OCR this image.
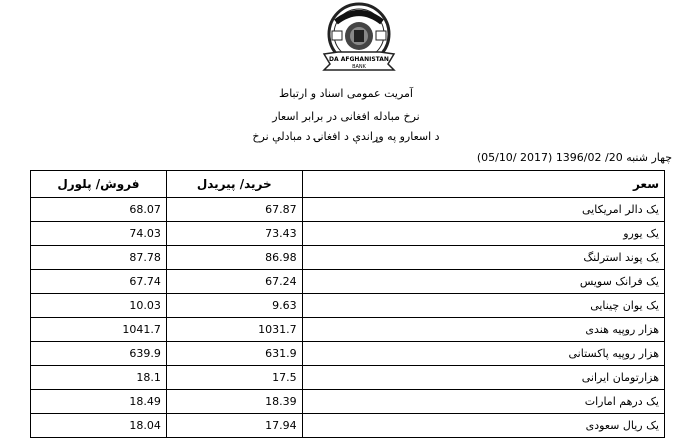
DA AFGHANISTAN
BANK
آمریت عمومی اسناد و ارتباط
نرخ مبادله افغانی در برابر اسعار
د اسعارو په وړاندې د افغانۍ د مبادلې نرخ
چهار شنبه 20/ 1396/02 (2017 /05/10)
فروش/ پلورل	خرید/ پیریدل	سعر
68.07	67.87	یک دالر امریکایی
74.03	73.43	یک یورو
87.78	86.98	یک پوند استرلنگ
67.74	67.24	یک فرانک سویس
10.03	9.63	یک یوان چینایی
1041.7	1031.7	هزار روپیه هندی
639.9	631.9	هزار روپیه پاکستانی
18.1	17.5	هزارتومان ایرانی
18.49	18.39	یک درهم امارات
18.04	17.94	یک ریال سعودی
